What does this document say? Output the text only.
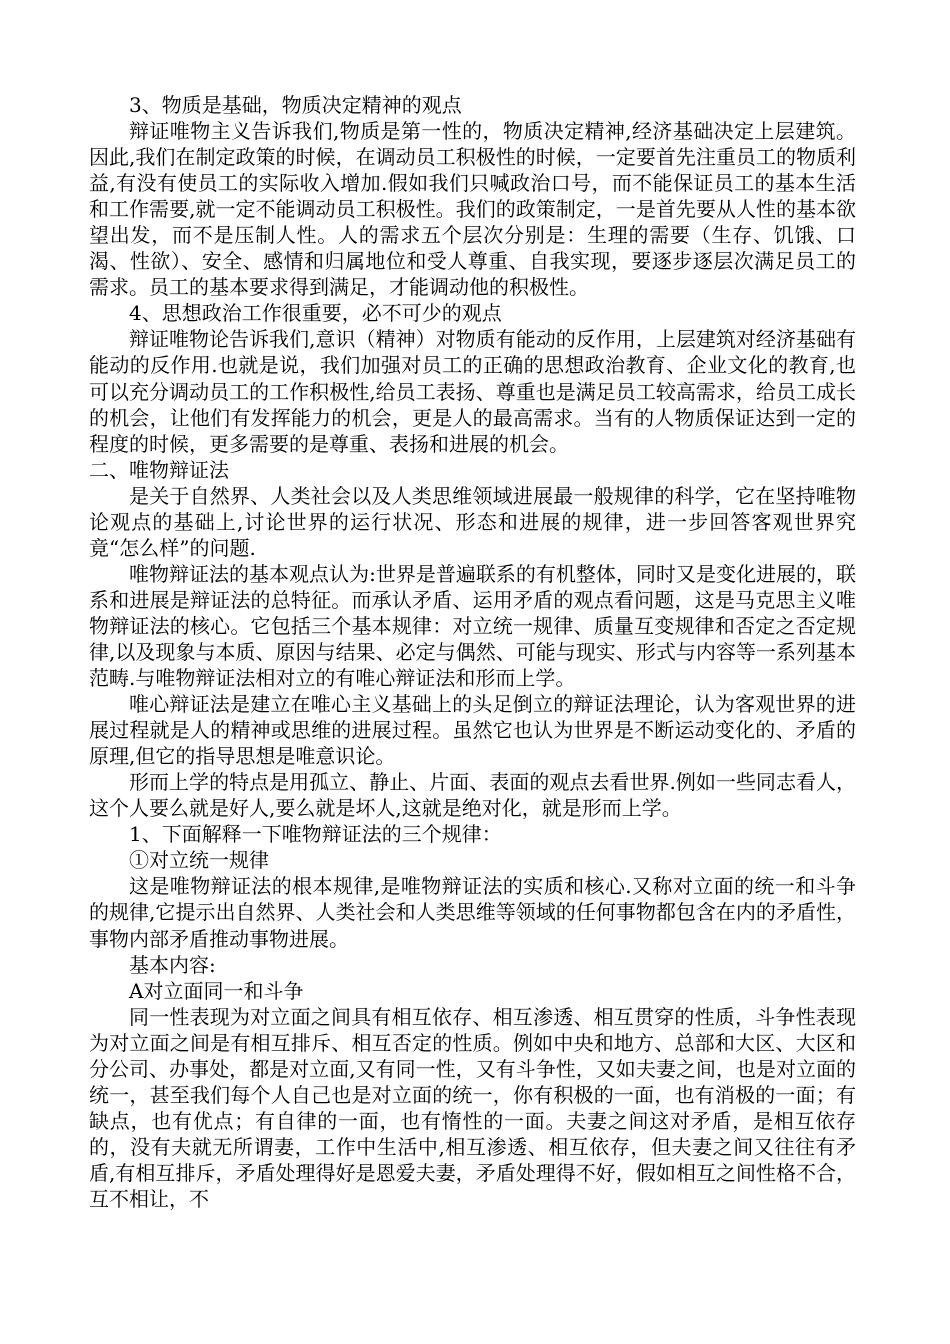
3、物质是基础，物质决定精神的观点

辩证唯物主义告诉我们,物质是第一性的，物质决定精神,经济基础决定上层建筑。因此,我们在制定政策的时候，在调动员工积极性的时候，一定要首先注重员工的物质利益,有没有使员工的实际收入增加.假如我们只喊政治口号，而不能保证员工的基本生活和工作需要,就一定不能调动员工积极性。我们的政策制定，一是首先要从人性的基本欲望出发，而不是压制人性。人的需求五个层次分别是：生理的需要（生存、饥饿、口渴、性欲）、安全、感情和归属地位和受人尊重、自我实现，要逐步逐层次满足员工的需求。员工的基本要求得到满足，才能调动他的积极性。

4、思想政治工作很重要，必不可少的观点

辩证唯物论告诉我们,意识（精神）对物质有能动的反作用，上层建筑对经济基础有能动的反作用.也就是说，我们加强对员工的正确的思想政治教育、企业文化的教育,也可以充分调动员工的工作积极性,给员工表扬、尊重也是满足员工较高需求，给员工成长的机会，让他们有发挥能力的机会，更是人的最高需求。当有的人物质保证达到一定的程度的时候，更多需要的是尊重、表扬和进展的机会。

二、唯物辩证法

是关于自然界、人类社会以及人类思维领域进展最一般规律的科学，它在坚持唯物论观点的基础上,讨论世界的运行状况、形态和进展的规律，进一步回答客观世界究竟“怎么样”的问题.

唯物辩证法的基本观点认为:世界是普遍联系的有机整体，同时又是变化进展的，联系和进展是辩证法的总特征。而承认矛盾、运用矛盾的观点看问题，这是马克思主义唯物辩证法的核心。它包括三个基本规律：对立统一规律、质量互变规律和否定之否定规律,以及现象与本质、原因与结果、必定与偶然、可能与现实、形式与内容等一系列基本范畴.与唯物辩证法相对立的有唯心辩证法和形而上学。

唯心辩证法是建立在唯心主义基础上的头足倒立的辩证法理论，认为客观世界的进展过程就是人的精神或思维的进展过程。虽然它也认为世界是不断运动变化的、矛盾的原理,但它的指导思想是唯意识论。

形而上学的特点是用孤立、静止、片面、表面的观点去看世界.例如一些同志看人，这个人要么就是好人,要么就是坏人,这就是绝对化，就是形而上学。

1、下面解释一下唯物辩证法的三个规律：

①对立统一规律

这是唯物辩证法的根本规律,是唯物辩证法的实质和核心.又称对立面的统一和斗争的规律,它提示出自然界、人类社会和人类思维等领域的任何事物都包含在内的矛盾性，事物内部矛盾推动事物进展。

基本内容:

A对立面同一和斗争

同一性表现为对立面之间具有相互依存、相互渗透、相互贯穿的性质，斗争性表现为对立面之间是有相互排斥、相互否定的性质。例如中央和地方、总部和大区、大区和分公司、办事处，都是对立面,又有同一性，又有斗争性，又如夫妻之间，也是对立面的统一，甚至我们每个人自己也是对立面的统一，你有积极的一面，也有消极的一面；有缺点，也有优点；有自律的一面，也有惰性的一面。夫妻之间这对矛盾，是相互依存的，没有夫就无所谓妻，工作中生活中,相互渗透、相互依存，但夫妻之间又往往有矛盾,有相互排斥，矛盾处理得好是恩爱夫妻，矛盾处理得不好，假如相互之间性格不合，互不相让，不
